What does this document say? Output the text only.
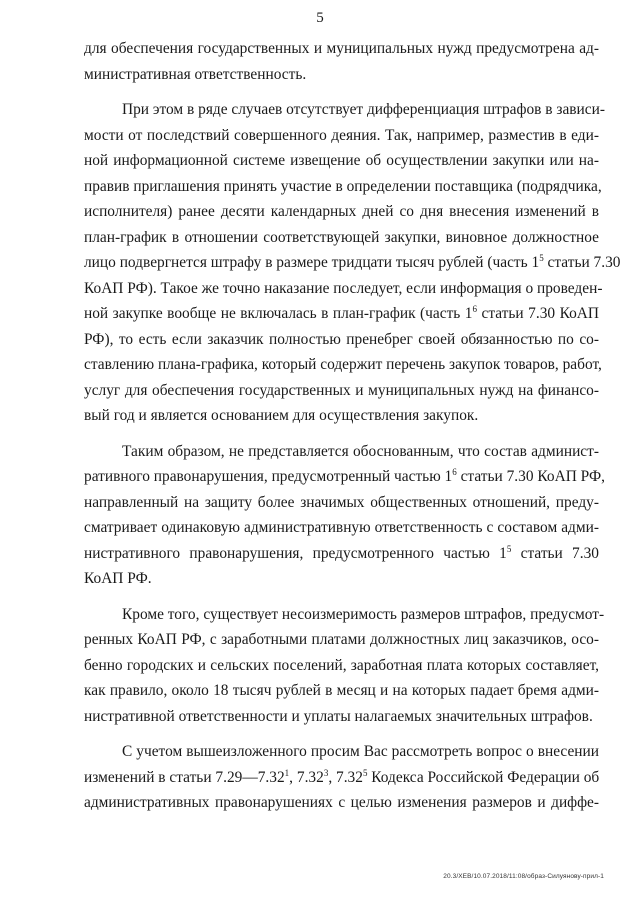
5
для обеспечения государственных и муниципальных нужд предусмотрена ад-
министративная ответственность.
При этом в ряде случаев отсутствует дифференциация штрафов в зависи-
мости от последствий совершенного деяния. Так, например, разместив в еди-
ной информационной системе извещение об осуществлении закупки или на-
правив приглашения принять участие в определении поставщика (подрядчика,
исполнителя) ранее десяти календарных дней со дня внесения изменений в
план-график в отношении соответствующей закупки, виновное должностное
лицо подвергнется штрафу в размере тридцати тысяч рублей (часть $1^5$ статьи 7.30
КоАП РФ). Такое же точно наказание последует, если информация о проведен-
ной закупке вообще не включалась в план-график (часть $1^6$ статьи 7.30 КоАП
РФ), то есть если заказчик полностью пренебрег своей обязанностью по со-
ставлению плана-графика, который содержит перечень закупок товаров, работ,
услуг для обеспечения государственных и муниципальных нужд на финансо-
вый год и является основанием для осуществления закупок.
Таким образом, не представляется обоснованным, что состав админист-
ративного правонарушения, предусмотренный частью $1^6$ статьи 7.30 КоАП РФ,
направленный на защиту более значимых общественных отношений, преду-
сматривает одинаковую административную ответственность с составом адми-
нистративного правонарушения, предусмотренного частью $1^5$ статьи 7.30
КоАП РФ.
Кроме того, существует несоизмеримость размеров штрафов, предусмот-
ренных КоАП РФ, с заработными платами должностных лиц заказчиков, осо-
бенно городских и сельских поселений, заработная плата которых составляет,
как правило, около 18 тысяч рублей в месяц и на которых падает бремя адми-
нистративной ответственности и уплаты налагаемых значительных штрафов.
С учетом вышеизложенного просим Вас рассмотреть вопрос о внесении
изменений в статьи 7.29—7.32$^1$, 7.32$^3$, 7.32$^5$ Кодекса Российской Федерации об
административных правонарушениях с целью изменения размеров и диффе-
20.3/ХЕВ/10.07.2018/11:08/образ-Силуянову-прил-1
